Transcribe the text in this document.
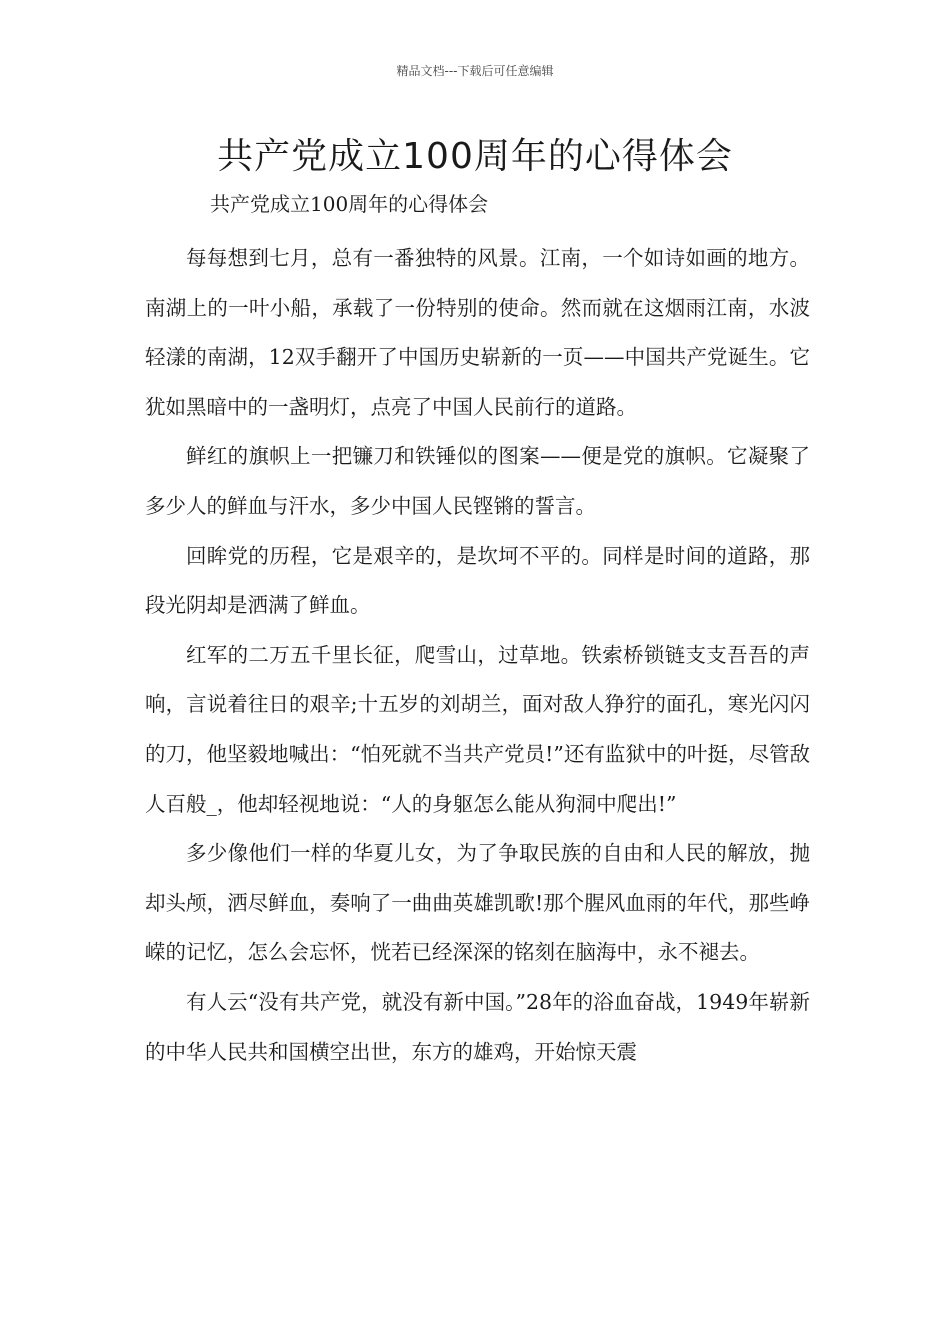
精品文档---下载后可任意编辑
共产党成立100周年的心得体会

共产党成立100周年的心得体会

每每想到七月，总有一番独特的风景。江南，一个如诗如画的地方。南湖上的一叶小船，承载了一份特别的使命。然而就在这烟雨江南，水波轻漾的南湖，12双手翻开了中国历史崭新的一页——中国共产党诞生。它犹如黑暗中的一盏明灯，点亮了中国人民前行的道路。

鲜红的旗帜上一把镰刀和铁锤似的图案——便是党的旗帜。它凝聚了多少人的鲜血与汗水，多少中国人民铿锵的誓言。

回眸党的历程，它是艰辛的，是坎坷不平的。同样是时间的道路，那段光阴却是洒满了鲜血。

红军的二万五千里长征，爬雪山，过草地。铁索桥锁链支支吾吾的声响，言说着往日的艰辛;十五岁的刘胡兰，面对敌人狰狞的面孔，寒光闪闪的刀，他坚毅地喊出：“怕死就不当共产党员!”还有监狱中的叶挺，尽管敌人百般_，他却轻视地说：“人的身躯怎么能从狗洞中爬出!”

多少像他们一样的华夏儿女，为了争取民族的自由和人民的解放，抛却头颅，洒尽鲜血，奏响了一曲曲英雄凯歌!那个腥风血雨的年代，那些峥嵘的记忆，怎么会忘怀，恍若已经深深的铭刻在脑海中，永不褪去。

有人云“没有共产党，就没有新中国。”28年的浴血奋战，1949年崭新的中华人民共和国横空出世，东方的雄鸡，开始惊天震
